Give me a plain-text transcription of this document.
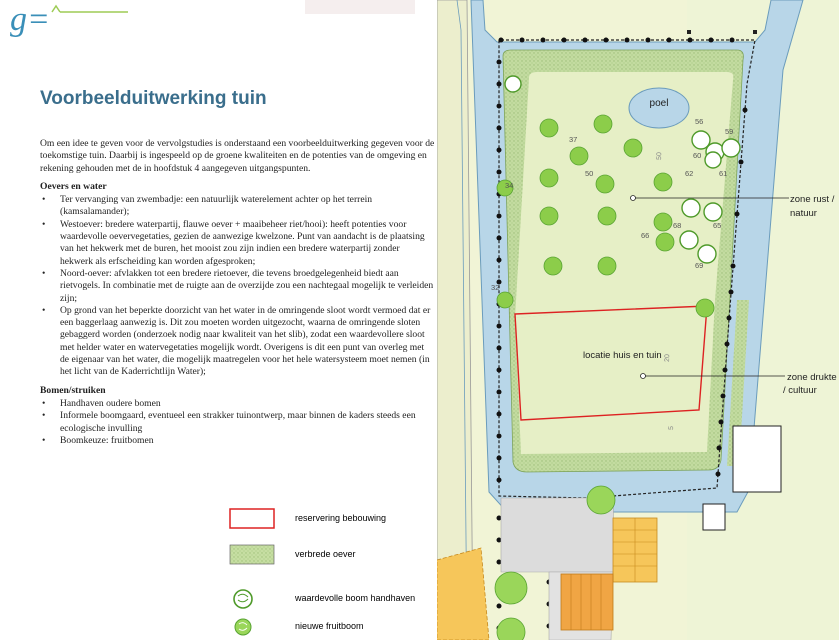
g=
Voorbeelduitwerking tuin

Om een idee te geven voor de vervolgstudies is onderstaand een voorbeelduitwerking gegeven voor de toekomstige tuin. Daarbij is ingespeeld op de groene kwaliteiten en de potenties van de omgeving en rekening gehouden met de in hoofdstuk 4 aangegeven uitgangspunten.

Oevers en water
• Ter vervanging van zwembadje: een natuurlijk waterelement achter op het terrein (kamsalamander);
• Westoever: bredere waterpartij, flauwe oever + maaibeheer riet/hooi): heeft potenties voor waardevolle oevervegetaties, gezien de aanwezige kwelzone. Punt van aandacht is de plaatsing van het hekwerk met de buren, het mooist zou zijn indien een bredere waterpartij zonder hekwerk als erfscheiding kan worden afgesproken;
• Noord-oever: afvlakken tot een bredere rietoever, die tevens broedgelegenheid biedt aan rietvogels. In combinatie met de ruigte aan de overzijde zou een nachtegaal mogelijk te verleiden zijn;
• Op grond van het beperkte doorzicht van het water in de omringende sloot wordt vermoed dat er een baggerlaag aanwezig is. Dit zou moeten worden uitgezocht, waarna de omringende sloten gebaggerd worden (onderzoek nodig naar kwaliteit van het slib), zodat een waardevollere sloot met helder water en watervegetaties mogelijk wordt. Overigens is dit een punt van overleg met de eigenaar van het water, die mogelijk maatregelen voor het hele watersysteem moet nemen (in het licht van de Kaderrichtlijn Water);
Bomen/struiken
• Handhaven oudere bomen
• Informele boomgaard, eventueel een strakker tuinontwerp, maar binnen de kaders steeds een ecologische invulling
• Boomkeuze: fruitbomen
reservering bebouwing
verbrede oever
waardevolle boom handhaven
nieuwe fruitboom
poel
locatie huis en tuin
zone drukte
/ cultuur
zone rust /
natuur
37
56
59
60
61
62
50
34
68	65
66
69
32
50
20
5
